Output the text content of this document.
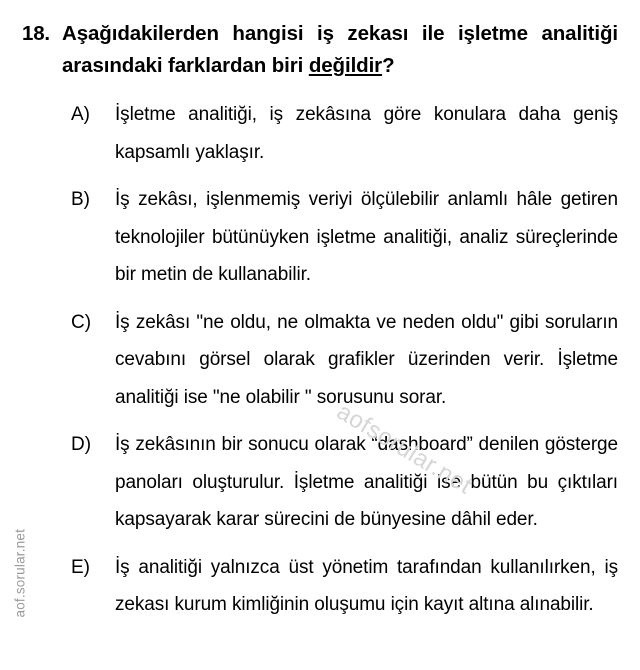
18. Aşağıdakilerden hangisi iş zekası ile işletme analitiği arasındaki farklardan biri değildir?
A)	İşletme analitiği, iş zekâsına göre konulara daha geniş kapsamlı yaklaşır.
B)	İş zekâsı, işlenmemiş veriyi ölçülebilir anlamlı hâle getiren teknolojiler bütünüyken işletme analitiği, analiz süreçlerinde bir metin de kullanabilir.
C)	İş zekâsı "ne oldu, ne olmakta ve neden oldu" gibi soruların cevabını görsel olarak grafikler üzerinden verir. İşletme analitiği ise "ne olabilir " sorusunu sorar.
D)	İş zekâsının bir sonucu olarak “dashboard” denilen gösterge panoları oluşturulur. İşletme analitiği ise bütün bu çıktıları kapsayarak karar sürecini de bünyesine dâhil eder.
E)	İş analitiği yalnızca üst yönetim tarafından kullanılırken, iş zekası kurum kimliğinin oluşumu için kayıt altına alınabilir.
aof.sorular.net
aofsorular.net
